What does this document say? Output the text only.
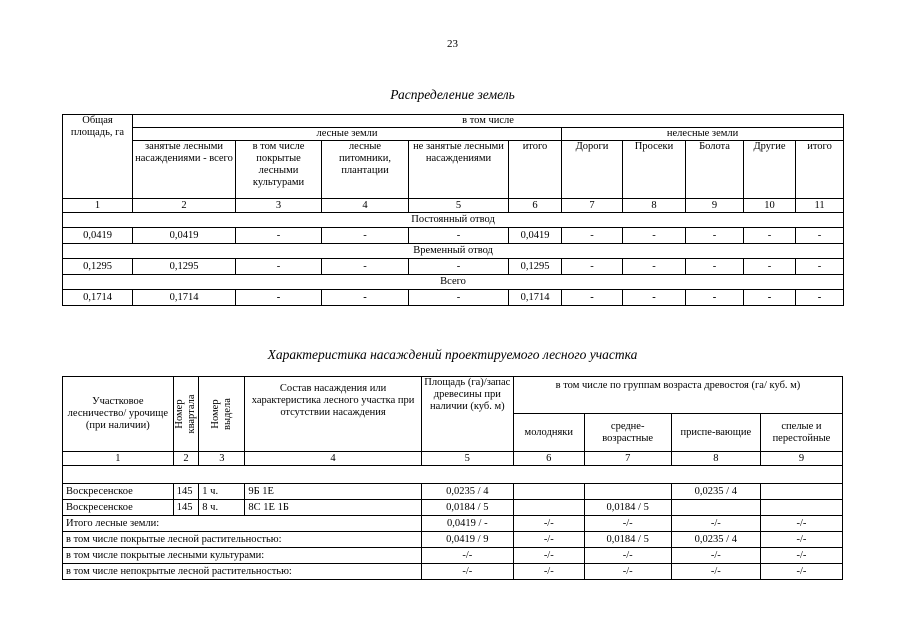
23
Распределение земель
Общая площадь, га	в том числе									
	лесные земли					нелесные земли				
	занятые лесными насаждениями - всего	в том числе покрытые лесными культурами	лесные питомники, плантации	не занятые лесными насаждениями	итого	Дороги	Просеки	Болота	Другие	итого
1	2	3	4	5	6	7	8	9	10	11
Постоянный отвод										
0,0419	0,0419	-	-	-	0,0419	-	-	-	-	-
Временный отвод										
0,1295	0,1295	-	-	-	0,1295	-	-	-	-	-
Всего										
0,1714	0,1714	-	-	-	0,1714	-	-	-	-	-
Характеристика насаждений проектируемого лесного участка
Участковое лесничество/ урочище (при наличии)	Номер квартала	Номер выдела	Состав насаждения или характеристика лесного участка при отсутствии насаждения	Площадь (га)/запас древесины при наличии (куб. м)	в том числе по группам возраста древостоя (га/ куб. м)			
					молодняки	средне-возрастные	приспе-вающие	спелые и перестойные
1	2	3	4	5	6	7	8	9

Воскресенское	145	1 ч.	9Б 1Е	0,0235 / 4			0,0235 / 4	
Воскресенское	145	8 ч.	8С 1Е 1Б	0,0184 / 5		0,0184 / 5		
Итого лесные земли:				0,0419 / -	-/-	-/-	-/-	-/-
в том числе покрытые лесной растительностью:				0,0419 / 9	-/-	0,0184 / 5	0,0235 / 4	-/-
в том числе покрытые лесными культурами:				-/-	-/-	-/-	-/-	-/-
в том числе непокрытые лесной растительностью:				-/-	-/-	-/-	-/-	-/-
